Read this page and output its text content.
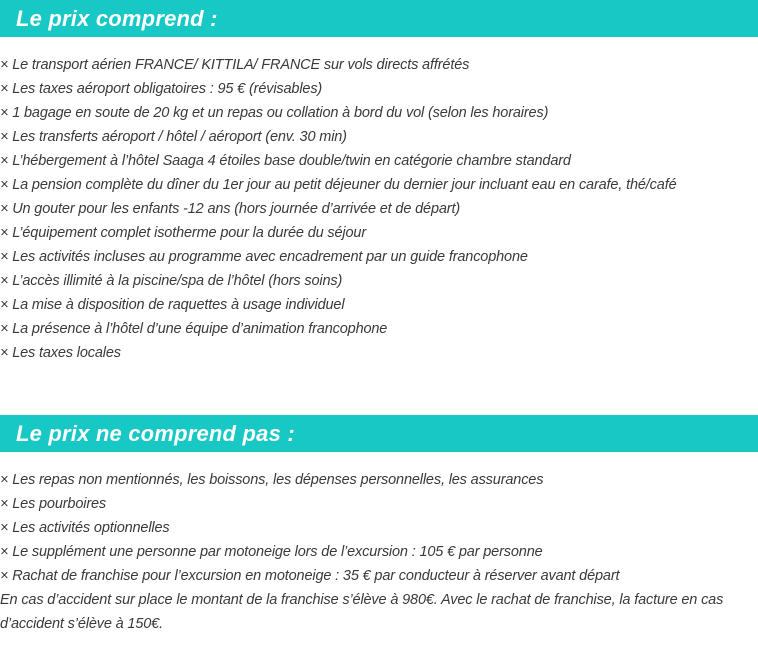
Le prix comprend :
× Le transport aérien FRANCE/ KITTILA/ FRANCE sur vols directs affrétés
× Les taxes aéroport obligatoires : 95 € (révisables)
× 1 bagage en soute de 20 kg et un repas ou collation à bord du vol (selon les horaires)
× Les transferts aéroport / hôtel / aéroport (env. 30 min)
× L’hébergement à l’hôtel Saaga 4 étoiles base double/twin en catégorie chambre standard
× La pension complète du dîner du 1er jour au petit déjeuner du dernier jour incluant eau en carafe, thé/café
× Un gouter pour les enfants -12 ans (hors journée d’arrivée et de départ)
× L’équipement complet isotherme pour la durée du séjour
× Les activités incluses au programme avec encadrement par un guide francophone
× L’accès illimité à la piscine/spa de l’hôtel (hors soins)
× La mise à disposition de raquettes à usage individuel
× La présence à l’hôtel d’une équipe d’animation francophone
× Les taxes locales
Le prix ne comprend pas :
× Les repas non mentionnés, les boissons, les dépenses personnelles, les assurances
× Les pourboires
× Les activités optionnelles
× Le supplément une personne par motoneige lors de l’excursion : 105 € par personne
× Rachat de franchise pour l’excursion en motoneige : 35 € par conducteur à réserver avant départ

En cas d’accident sur place le montant de la franchise s’élève à 980€. Avec le rachat de franchise, la facture en cas d’accident s’élève à 150€.
